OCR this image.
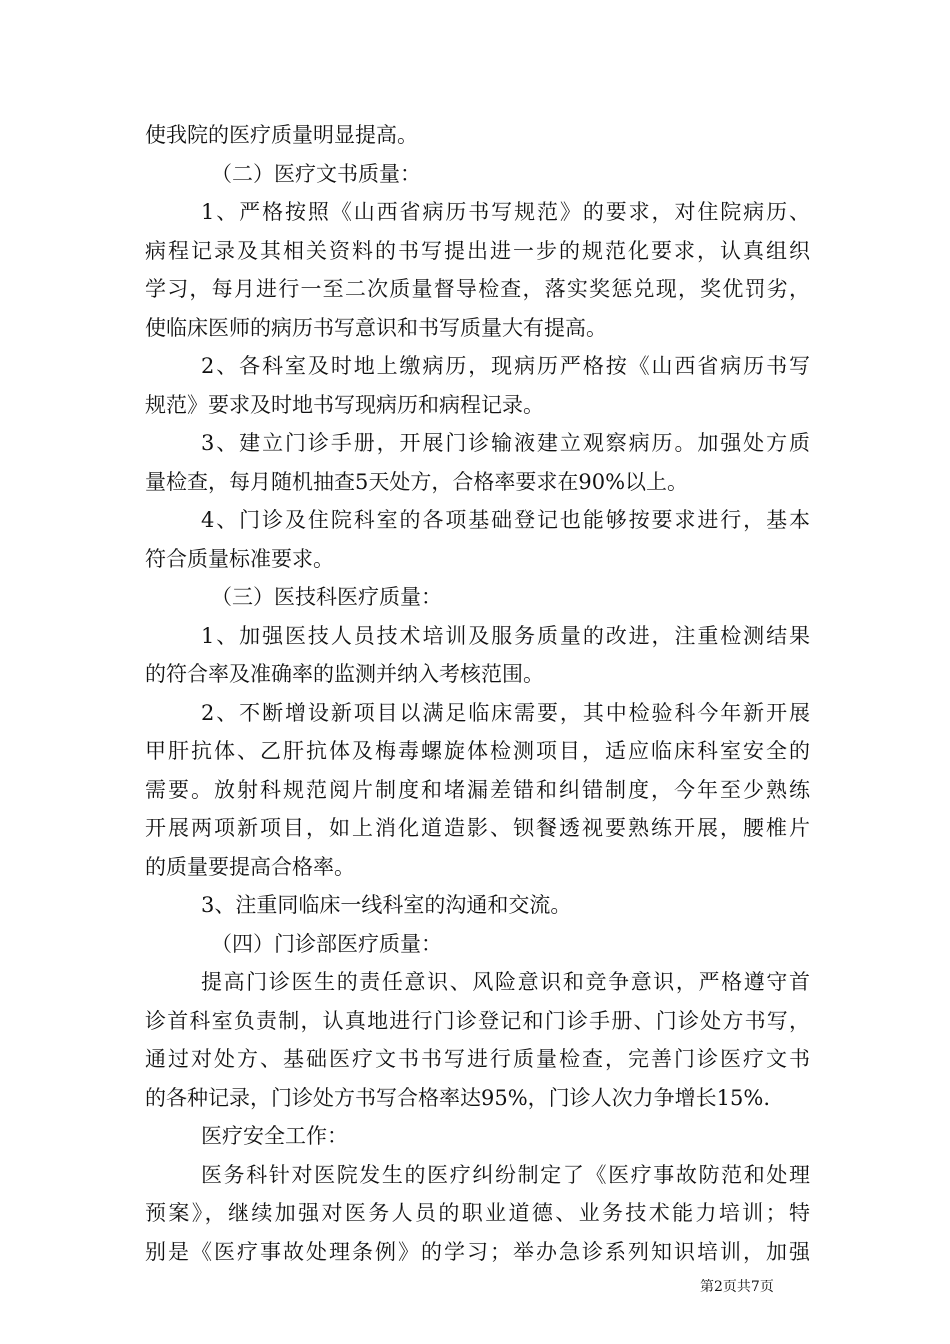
使我院的医疗质量明显提高。
（二）医疗文书质量：
1、严格按照《山西省病历书写规范》的要求，对住院病历、
病程记录及其相关资料的书写提出进一步的规范化要求，认真组织
学习，每月进行一至二次质量督导检查，落实奖惩兑现，奖优罚劣，
使临床医师的病历书写意识和书写质量大有提高。
2、各科室及时地上缴病历，现病历严格按《山西省病历书写
规范》要求及时地书写现病历和病程记录。
3、建立门诊手册，开展门诊输液建立观察病历。加强处方质
量检查，每月随机抽查5天处方，合格率要求在90%以上。
4、门诊及住院科室的各项基础登记也能够按要求进行，基本
符合质量标准要求。
（三）医技科医疗质量：
1、加强医技人员技术培训及服务质量的改进，注重检测结果
的符合率及准确率的监测并纳入考核范围。
2、不断增设新项目以满足临床需要，其中检验科今年新开展
甲肝抗体、乙肝抗体及梅毒螺旋体检测项目，适应临床科室安全的
需要。放射科规范阅片制度和堵漏差错和纠错制度，今年至少熟练
开展两项新项目，如上消化道造影、钡餐透视要熟练开展，腰椎片
的质量要提高合格率。
3、注重同临床一线科室的沟通和交流。
（四）门诊部医疗质量：
提高门诊医生的责任意识、风险意识和竞争意识，严格遵守首
诊首科室负责制，认真地进行门诊登记和门诊手册、门诊处方书写，
通过对处方、基础医疗文书书写进行质量检查，完善门诊医疗文书
的各种记录，门诊处方书写合格率达95%，门诊人次力争增长15%.
医疗安全工作：
医务科针对医院发生的医疗纠纷制定了《医疗事故防范和处理
预案》，继续加强对医务人员的职业道德、业务技术能力培训；特
别是《医疗事故处理条例》的学习；举办急诊系列知识培训，加强
第2页共7页
